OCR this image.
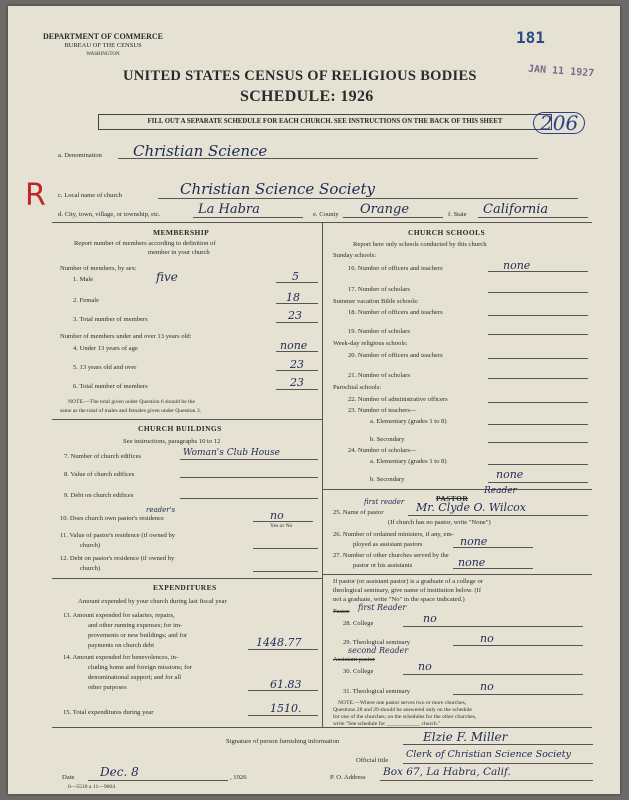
DEPARTMENT OF COMMERCE
BUREAU OF THE CENSUS
WASHINGTON
181
JAN 11 1927
UNITED STATES CENSUS OF RELIGIOUS BODIES
SCHEDULE: 1926
FILL OUT A SEPARATE SCHEDULE FOR EACH CHURCH. SEE INSTRUCTIONS ON THE BACK OF THIS SHEET	206
R
a. Denomination Christian Science
c. Local name of church	Christian Science Society
d. City, town, village, or township, etc.	La Habra	e. County Orange	f. State California
MEMBERSHIP
Report number of members according to definition of
member in your church
Number of members, by sex:
1. Male	five	5
2. Female	18
3. Total number of members	23
Number of members under and over 13 years old:
4. Under 13 years of age	none
5. 13 years old and over	23
6. Total number of members	23
NOTE.—The total given under Question 6 should be the
same as the total of males and females given under Question 3.
CHURCH BUILDINGS
See instructions, paragraphs 10 to 12
7. Number of church edifices	Woman's Club House
8. Value of church edifices
9. Debt on church edifices
reader's
10. Does church own pastor's residence	no
Yes or No
11. Value of pastor's residence (if owned by
church)
12. Debt on pastor's residence (if owned by
church)
EXPENDITURES
Amount expended by your church during last fiscal year
13. Amount expended for salaries, repairs,
and other running expenses; for im-
provements or new buildings; and for
payments on church debt	1448.77
14. Amount expended for benevolences, in-
cluding home and foreign missions; for
denominational support; and for all
other purposes	61.83
15. Total expenditures during year	1510.
CHURCH SCHOOLS
Report here only schools conducted by this church
Sunday schools:
16. Number of officers and teachers	none
17. Number of scholars
Summer vacation Bible schools:
18. Number of officers and teachers
19. Number of scholars
Week-day religious schools:
20. Number of officers and teachers
21. Number of scholars
Parochial schools:
22. Number of administrative officers
23. Number of teachers—
a. Elementary (grades 1 to 8)
b. Secondary
24. Number of scholars—
a. Elementary (grades 1 to 8)
b. Secondary	none
PASTOR
Reader
first reader
25. Name of pastor	Mr. Clyde O. Wilcox
(If church has no pastor, write "None")
26. Number of ordained ministers, if any, em-
ployed as assistant pastors	none
27. Number of other churches served by the
pastor or his assistants	none
If pastor (or assistant pastor) is a graduate of a college or
theological seminary, give name of institution below. (If
not a graduate, write "No" in the space indicated.)
Pastor first Reader
28. College	no
29. Theological seminary	no
second Reader
Assistant pastor
30. College	no
31. Theological seminary	no
NOTE.—Where one pastor serves two or more churches,
Questions 28 and 29 should be answered only on the schedule
for one of the churches; on the schedules for the other churches,
write "See schedule for ____________ church."
Signature of person furnishing information	Elzie F. Miller
Official title
Clerk of Christian Science Society
Date Dec. 8	, 1926	P. O. Address Box 67, La Habra, Calif.
6—5518 a 11—9664
